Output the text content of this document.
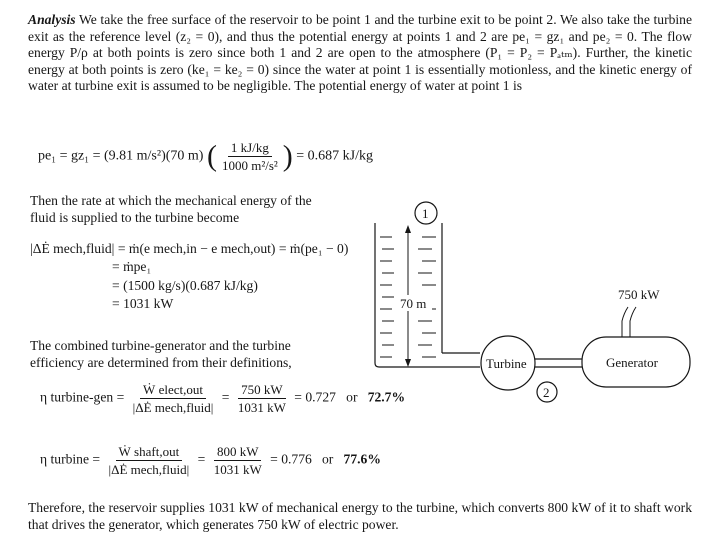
Analysis We take the free surface of the reservoir to be point 1 and the turbine exit to be point 2. We also take the turbine exit as the reference level (z₂ = 0), and thus the potential energy at points 1 and 2 are pe₁ = gz₁ and pe₂ = 0. The flow energy P/ρ at both points is zero since both 1 and 2 are open to the atmosphere (P₁ = P₂ = Pₐₜₘ). Further, the kinetic energy at both points is zero (ke₁ = ke₂ = 0) since the water at point 1 is essentially motionless, and the kinetic energy of water at turbine exit is assumed to be negligible. The potential energy of water at point 1 is
pe₁ = gz₁ = (9.81 m/s²)(70 m) ( $\frac{1 kJ/kg}{\text{1000 m²/s²}}$ ) = 0.687 kJ/kg
Then the rate at which the mechanical energy of the fluid is supplied to the turbine become
|ΔĖ mech,fluid| = ṁ(e mech,in − e mech,out) = ṁ(pe₁ − 0)
= ṁpe₁
= (1500 kg/s)(0.687 kJ/kg)
= 1031 kW
The combined turbine-generator and the turbine efficiency are determined from their definitions,
η turbine-gen = $\frac{\text{Ẇ elect,out}}{\text{|ΔĖ mech,fluid|}} = \frac{750 kW}{1031 kW} = 0.727$ or 72.7%
η turbine = $\frac{\text{Ẇ shaft,out}}{\text{|ΔĖ mech,fluid|}} = \frac{800 kW}{1031 kW} = 0.776$ or 77.6%
Therefore, the reservoir supplies 1031 kW of mechanical energy to the turbine, which converts 800 kW of it to shaft work that drives the generator, which generates 750 kW of electric power.
70 m
1
Turbine
2
Generator
750 kW
